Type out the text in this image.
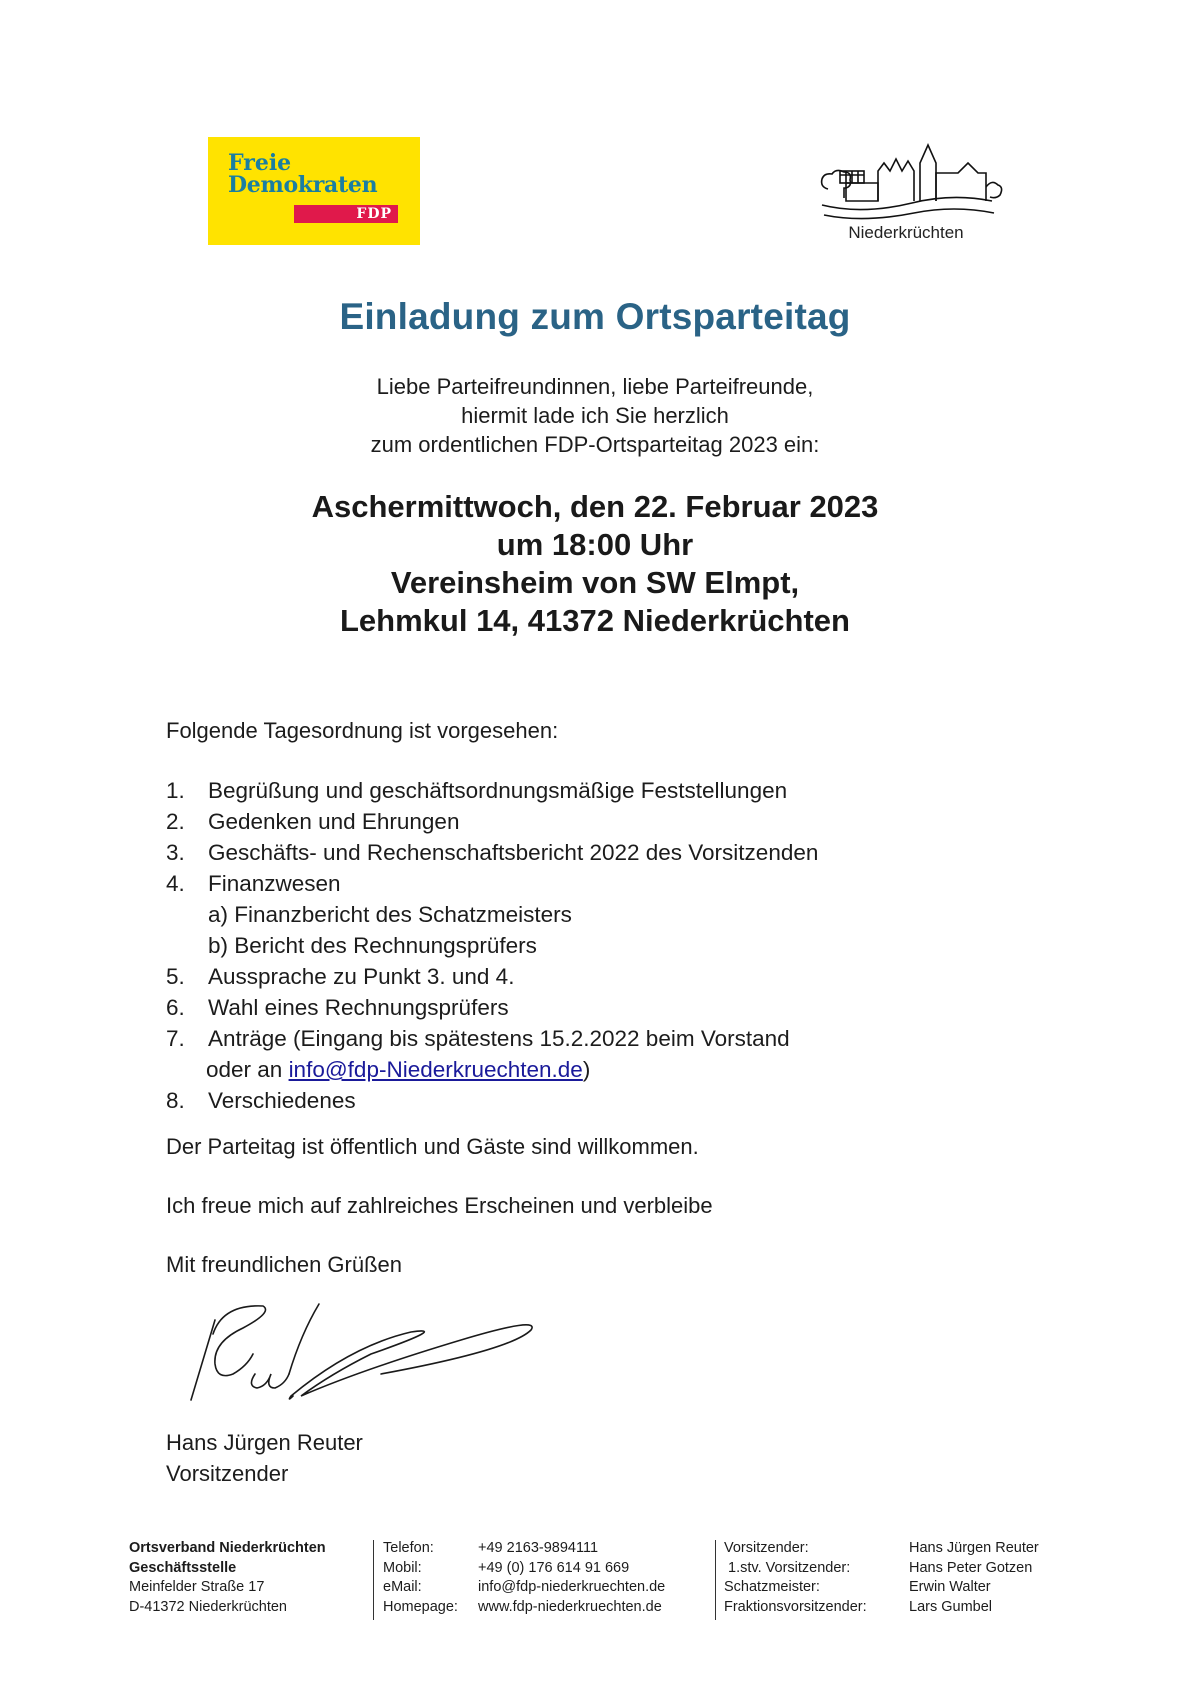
Freie
Demokraten
FDP
Niederkrüchten
Einladung zum Ortsparteitag
Liebe Parteifreundinnen, liebe Parteifreunde,
hiermit lade ich Sie herzlich
zum ordentlichen FDP-Ortsparteitag 2023 ein:
Aschermittwoch, den 22. Februar 2023
um 18:00 Uhr
Vereinsheim von SW Elmpt,
Lehmkul 14, 41372 Niederkrüchten
Folgende Tagesordnung ist vorgesehen:
1.	Begrüßung und geschäftsordnungsmäßige Feststellungen
2.	Gedenken und Ehrungen
3.	Geschäfts- und Rechenschaftsbericht 2022 des Vorsitzenden
4.	Finanzwesen
a) Finanzbericht des Schatzmeisters
b) Bericht des Rechnungsprüfers
5.	Aussprache zu Punkt 3. und 4.
6.	Wahl eines Rechnungsprüfers
7.	Anträge (Eingang bis spätestens 15.2.2022 beim Vorstand
oder an info@fdp-Niederkruechten.de)
8.	Verschiedenes
Der Parteitag ist öffentlich und Gäste sind willkommen.
Ich freue mich auf zahlreiches Erscheinen und verbleibe
Mit freundlichen Grüßen
Hans Jürgen Reuter
Vorsitzender
Ortsverband Niederkrüchten
Geschäftsstelle
Meinfelder Straße 17
D-41372 Niederkrüchten
Telefon:	+49 2163-9894111
Mobil:	+49 (0) 176 614 91 669
eMail:	info@fdp-niederkruechten.de
Homepage:	www.fdp-niederkruechten.de
Vorsitzender:	Hans Jürgen Reuter
1.stv. Vorsitzender:	Hans Peter Gotzen
Schatzmeister:	Erwin Walter
Fraktionsvorsitzender:	Lars Gumbel
